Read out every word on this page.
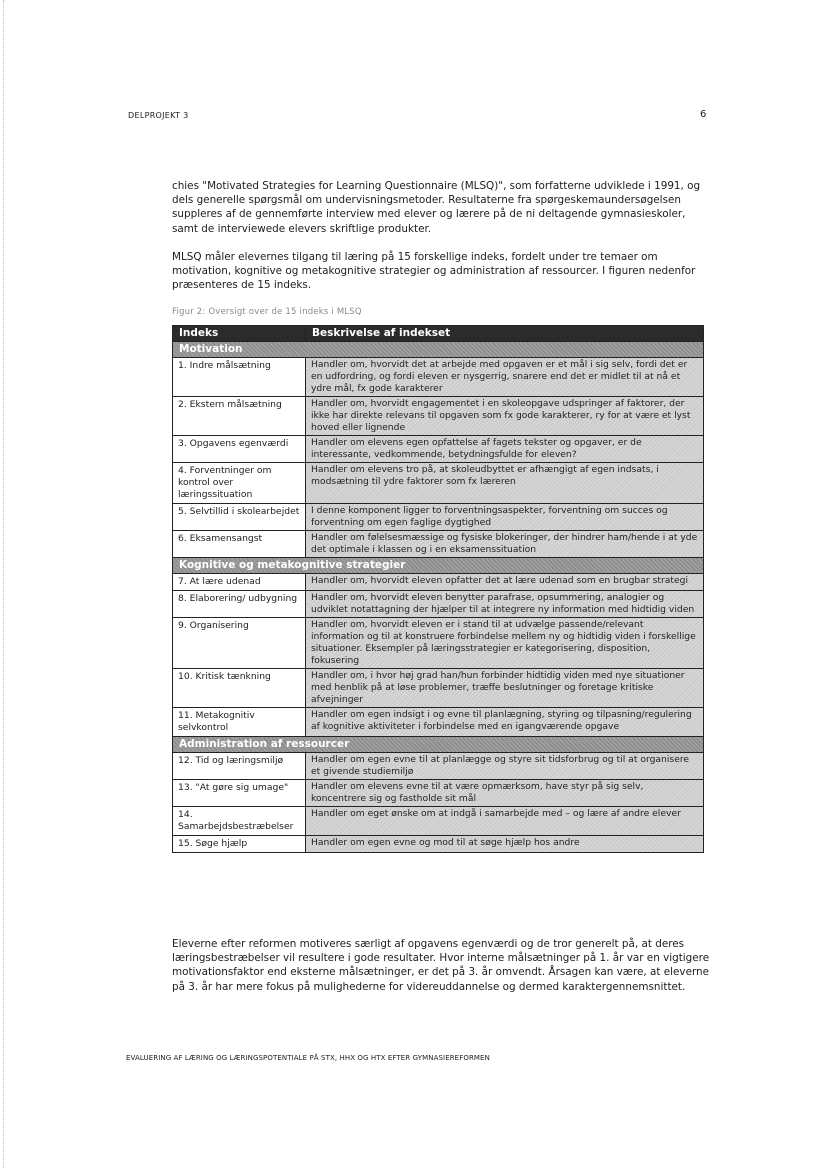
DELPROJEKT 3	6
chies "Motivated Strategies for Learning Questionnaire (MLSQ)", som forfatterne udviklede i 1991, og dels generelle spørgsmål om undervisningsmetoder. Resultaterne fra spørgeskemaundersøgelsen suppleres af de gennemførte interview med elever og lærere på de ni deltagende gymnasieskoler, samt de interviewede elevers skriftlige produkter.
MLSQ måler elevernes tilgang til læring på 15 forskellige indeks, fordelt under tre temaer om motivation, kognitive og metakognitive strategier og administration af ressourcer. I figuren nedenfor præsenteres de 15 indeks.
Figur 2: Oversigt over de 15 indeks i MLSQ
Indeks	Beskrivelse af indekset
Motivation	
1. Indre målsætning	Handler om, hvorvidt det at arbejde med opgaven er et mål i sig selv, fordi det er en udfordring, og fordi eleven er nysgerrig, snarere end det er midlet til at nå et ydre mål, fx gode karakterer
2. Ekstern målsætning	Handler om, hvorvidt engagementet i en skoleopgave udspringer af faktorer, der ikke har direkte relevans til opgaven som fx gode karakterer, ry for at være et lyst hoved eller lignende
3. Opgavens egenværdi	Handler om elevens egen opfattelse af fagets tekster og opgaver, er de interessante, vedkommende, betydningsfulde for eleven?
4. Forventninger om kontrol over læringssituation	Handler om elevens tro på, at skoleudbyttet er afhængigt af egen indsats, i modsætning til ydre faktorer som fx læreren
5. Selvtillid i skolearbejdet	I denne komponent ligger to forventningsaspekter, forventning om succes og forventning om egen faglige dygtighed
6. Eksamensangst	Handler om følelsesmæssige og fysiske blokeringer, der hindrer ham/hende i at yde det optimale i klassen og i en eksamenssituation
Kognitive og metakognitive strategier	
7. At lære udenad	Handler om, hvorvidt eleven opfatter det at lære udenad som en brugbar strategi
8. Elaborering/ udbygning	Handler om, hvorvidt eleven benytter parafrase, opsummering, analogier og udviklet notattagning der hjælper til at integrere ny information med hidtidig viden
9. Organisering	Handler om, hvorvidt eleven er i stand til at udvælge passende/relevant information og til at konstruere forbindelse mellem ny og hidtidig viden i forskellige situationer. Eksempler på læringsstrategier er kategorisering, disposition, fokusering
10. Kritisk tænkning	Handler om, i hvor høj grad han/hun forbinder hidtidig viden med nye situationer med henblik på at løse problemer, træffe beslutninger og foretage kritiske afvejninger
11. Metakognitiv selvkontrol	Handler om egen indsigt i og evne til planlægning, styring og tilpasning/regulering af kognitive aktiviteter i forbindelse med en igangværende opgave
Administration af ressourcer	
12. Tid og læringsmiljø	Handler om egen evne til at planlægge og styre sit tidsforbrug og til at organisere et givende studiemiljø
13. "At gøre sig umage"	Handler om elevens evne til at være opmærksom, have styr på sig selv, koncentrere sig og fastholde sit mål
14. Samarbejdsbestræbelser	Handler om eget ønske om at indgå i samarbejde med – og lære af andre elever
15. Søge hjælp	Handler om egen evne og mod til at søge hjælp hos andre
Eleverne efter reformen motiveres særligt af opgavens egenværdi og de tror generelt på, at deres læringsbestræbelser vil resultere i gode resultater. Hvor interne målsætninger på 1. år var en vigtigere motivationsfaktor end eksterne målsætninger, er det på 3. år omvendt. Årsagen kan være, at eleverne på 3. år har mere fokus på mulighederne for videreuddannelse og dermed karaktergennemsnittet.
EVALUERING AF LÆRING OG LÆRINGSPOTENTIALE PÅ STX, HHX OG HTX EFTER GYMNASIEREFORMEN
